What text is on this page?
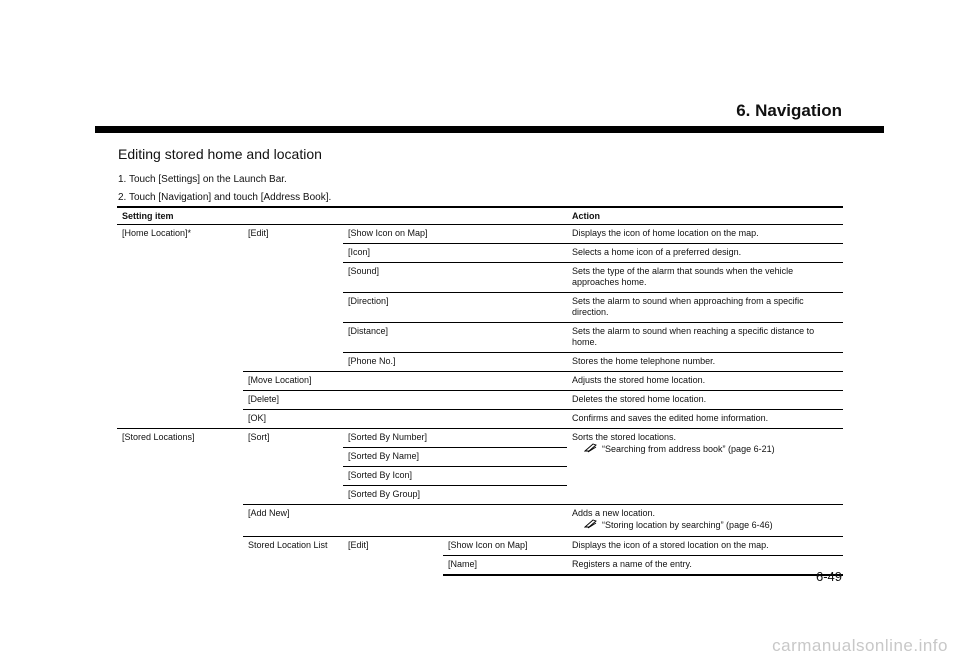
6. Navigation
Editing stored home and location
1. Touch [Settings] on the Launch Bar.
2. Touch [Navigation] and touch [Address Book].
Setting item				Action
[Home Location]*	[Edit]	[Show Icon on Map]		Displays the icon of home location on the map.
		[Icon]		Selects a home icon of a preferred design.
		[Sound]		Sets the type of the alarm that sounds when the vehicle approaches home.
		[Direction]		Sets the alarm to sound when approaching from a specific direction.
		[Distance]		Sets the alarm to sound when reaching a specific distance to home.
		[Phone No.]		Stores the home telephone number.
	[Move Location]			Adjusts the stored home location.
	[Delete]			Deletes the stored home location.
	[OK]			Confirms and saves the edited home information.
[Stored Locations]	[Sort]	[Sorted By Number]		Sorts the stored locations.
“Searching from address book” (page 6-21)

		[Sorted By Name]		
		[Sorted By Icon]		
		[Sorted By Group]		
	[Add New]			Adds a new location.
“Storing location by searching” (page 6-46)

	Stored Location List	[Edit]	[Show Icon on Map]	Displays the icon of a stored location on the map.
			[Name]	Registers a name of the entry.
6-49
carmanualsonline.info
